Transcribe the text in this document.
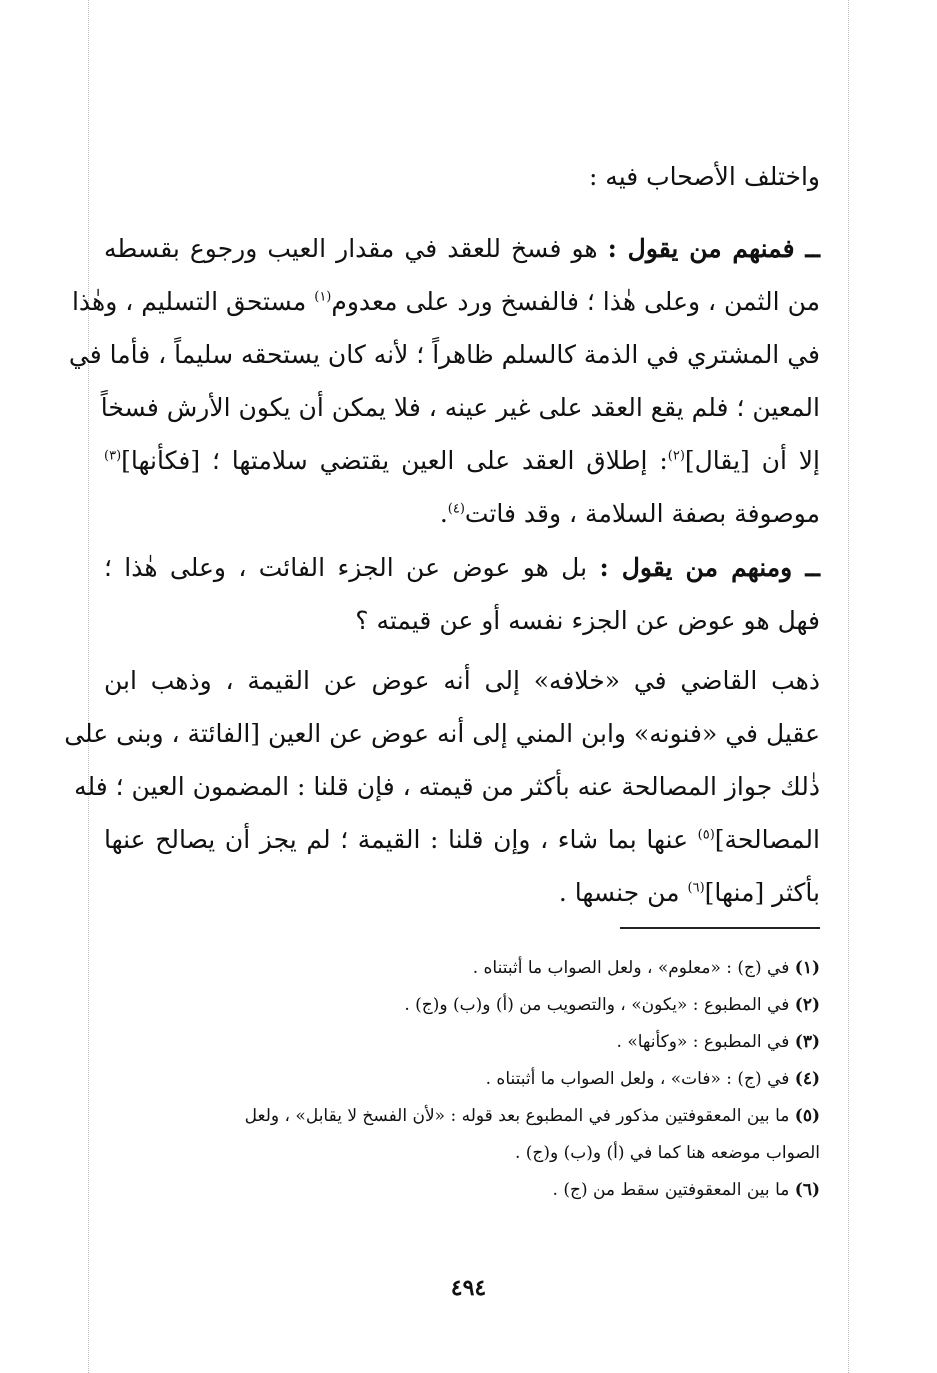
واختلف الأصحاب فيه :
ــ فمنهم من يقول : هو فسخ للعقد في مقدار العيب ورجوع بقسطه
من الثمن ، وعلى هٰذا ؛ فالفسخ ورد على معدوم$^{(١)}$ مستحق التسليم ، وهٰذا
في المشتري في الذمة كالسلم ظاهراً ؛ لأنه كان يستحقه سليماً ، فأما في
المعين ؛ فلم يقع العقد على غير عينه ، فلا يمكن أن يكون الأرش فسخاً
إلا أن [يقال]$^{(٢)}$: إطلاق العقد على العين يقتضي سلامتها ؛ [فكأنها]$^{(٣)}$
موصوفة بصفة السلامة ، وقد فاتت$^{(٤)}$.
ــ ومنهم من يقول : بل هو عوض عن الجزء الفائت ، وعلى هٰذا ؛
فهل هو عوض عن الجزء نفسه أو عن قيمته ؟
ذهب القاضي في «خلافه» إلى أنه عوض عن القيمة ، وذهب ابن
عقيل في «فنونه» وابن المني إلى أنه عوض عن العين [الفائتة ، وبنى على
ذٰلك جواز المصالحة عنه بأكثر من قيمته ، فإن قلنا : المضمون العين ؛ فله
المصالحة]$^{(٥)}$ عنها بما شاء ، وإن قلنا : القيمة ؛ لم يجز أن يصالح عنها
بأكثر [منها]$^{(٦)}$ من جنسها .
(١) في (ج) : «معلوم» ، ولعل الصواب ما أثبتناه .
(٢) في المطبوع : «يكون» ، والتصويب من (أ) و(ب) و(ج) .
(٣) في المطبوع : «وكأنها» .
(٤) في (ج) : «فات» ، ولعل الصواب ما أثبتناه .
(٥) ما بين المعقوفتين مذكور في المطبوع بعد قوله : «لأن الفسخ لا يقابل» ، ولعل
الصواب موضعه هنا كما في (أ) و(ب) و(ج) .
(٦) ما بين المعقوفتين سقط من (ج) .
٤٩٤
